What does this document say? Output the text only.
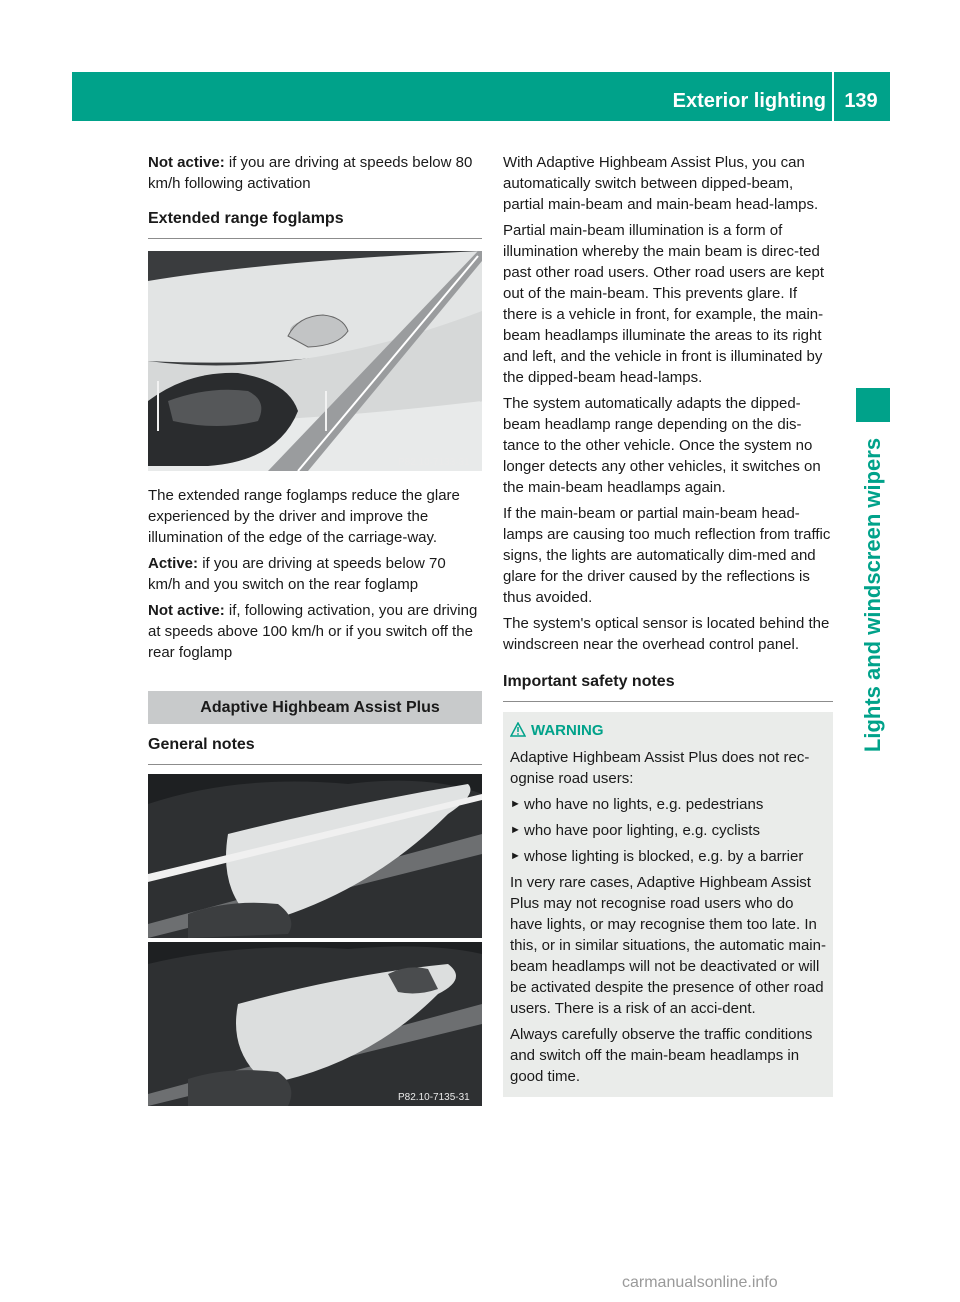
Exterior lighting 139
Lights and windscreen wipers

Not active: if you are driving at speeds below 80 km/h following activation

Extended range foglamps
P82.10-7133-31

The extended range foglamps reduce the glare experienced by the driver and improve the illumination of the edge of the carriage-way.

Active: if you are driving at speeds below 70 km/h and you switch on the rear foglamp

Not active: if, following activation, you are driving at speeds above 100 km/h or if you switch off the rear foglamp

Adaptive Highbeam Assist Plus
General notes
P82.10-7135-31

With Adaptive Highbeam Assist Plus, you can automatically switch between dipped-beam, partial main-beam and main-beam head-lamps.

Partial main-beam illumination is a form of illumination whereby the main beam is direc-ted past other road users. Other road users are kept out of the main-beam. This prevents glare. If there is a vehicle in front, for example, the main-beam headlamps illuminate the areas to its right and left, and the vehicle in front is illuminated by the dipped-beam head-lamps.

The system automatically adapts the dipped-beam headlamp range depending on the dis-tance to the other vehicle. Once the system no longer detects any other vehicles, it switches on the main-beam headlamps again.

If the main-beam or partial main-beam head-lamps are causing too much reflection from traffic signs, the lights are automatically dim-med and glare for the driver caused by the reflections is thus avoided.

The system's optical sensor is located behind the windscreen near the overhead control panel.

Important safety notes
WARNING

Adaptive Highbeam Assist Plus does not rec-ognise road users:

► who have no lights, e.g. pedestrians
► who have poor lighting, e.g. cyclists
► whose lighting is blocked, e.g. by a barrier

In very rare cases, Adaptive Highbeam Assist Plus may not recognise road users who do have lights, or may recognise them too late. In this, or in similar situations, the automatic main-beam headlamps will not be deactivated or will be activated despite the presence of other road users. There is a risk of an acci-dent.

Always carefully observe the traffic conditions and switch off the main-beam headlamps in good time.

carmanualsonline.info
